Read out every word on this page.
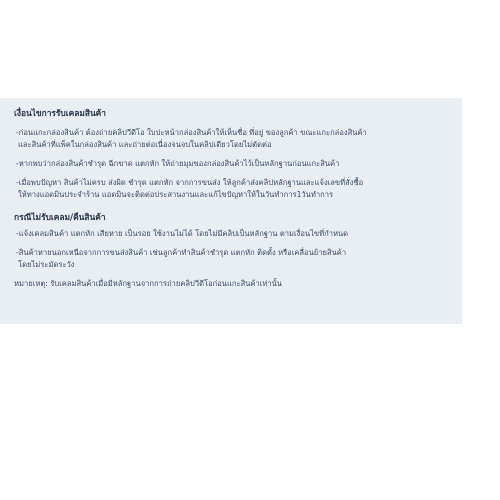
เงื่อนไขการรับเคลมสินค้า
-ก่อนแกะกล่องสินค้า ต้องถ่ายคลิปวีดีโอ ใบปะหน้ากล่องสินค้าให้เห็นชื่อ ที่อยู่ ของลูกค้า ขณะแกะกล่องสินค้า
และสินค้าที่แพ็คในกล่องสินค้า และถ่ายต่อเนื่องจนจบในคลิปเดียวโดยไม่ตัดต่อ
-หากพบว่ากล่องสินค้าชำรุด ฉีกขาด แตกหัก ให้ถ่ายมุมของกล่องสินค้าไว้เป็นหลักฐานก่อนแกะสินค้า
-เมื่อพบปัญหา สินค้าไม่ครบ ส่งผิด ชำรุด แตกหัก จากการขนส่ง ให้ลูกค้าส่งคลิปหลักฐานและแจ้งเลขที่สั่งซื้อ
ให้ทางแอดมินประจำร้าน แอดมินจะติดต่อประสานงานและแก้ไขปัญหาให้ในวันทำการ1วันทำการ
กรณีไม่รับเคลม/คืนสินค้า
-แจ้งเคลมสินค้า แตกหัก เสียหาย เป็นรอย ใช้งานไม่ได้ โดยไม่มีคลิปเป็นหลักฐาน ตามเงื่อนไขที่กำหนด
-สินค้าหายนอกเหนือจากการขนส่งสินค้า เช่นลูกค้าทำสินค้าชำรุด แตกหัก ติดตั้ง หรือเคลื่อนย้ายสินค้า
โดยไม่ระมัดระวัง
หมายเหตุ: รับเคลมสินค้าเมื่อมีหลักฐานจากการถ่ายคลิปวีดีโอก่อนแกะสินค้าเท่านั้น
